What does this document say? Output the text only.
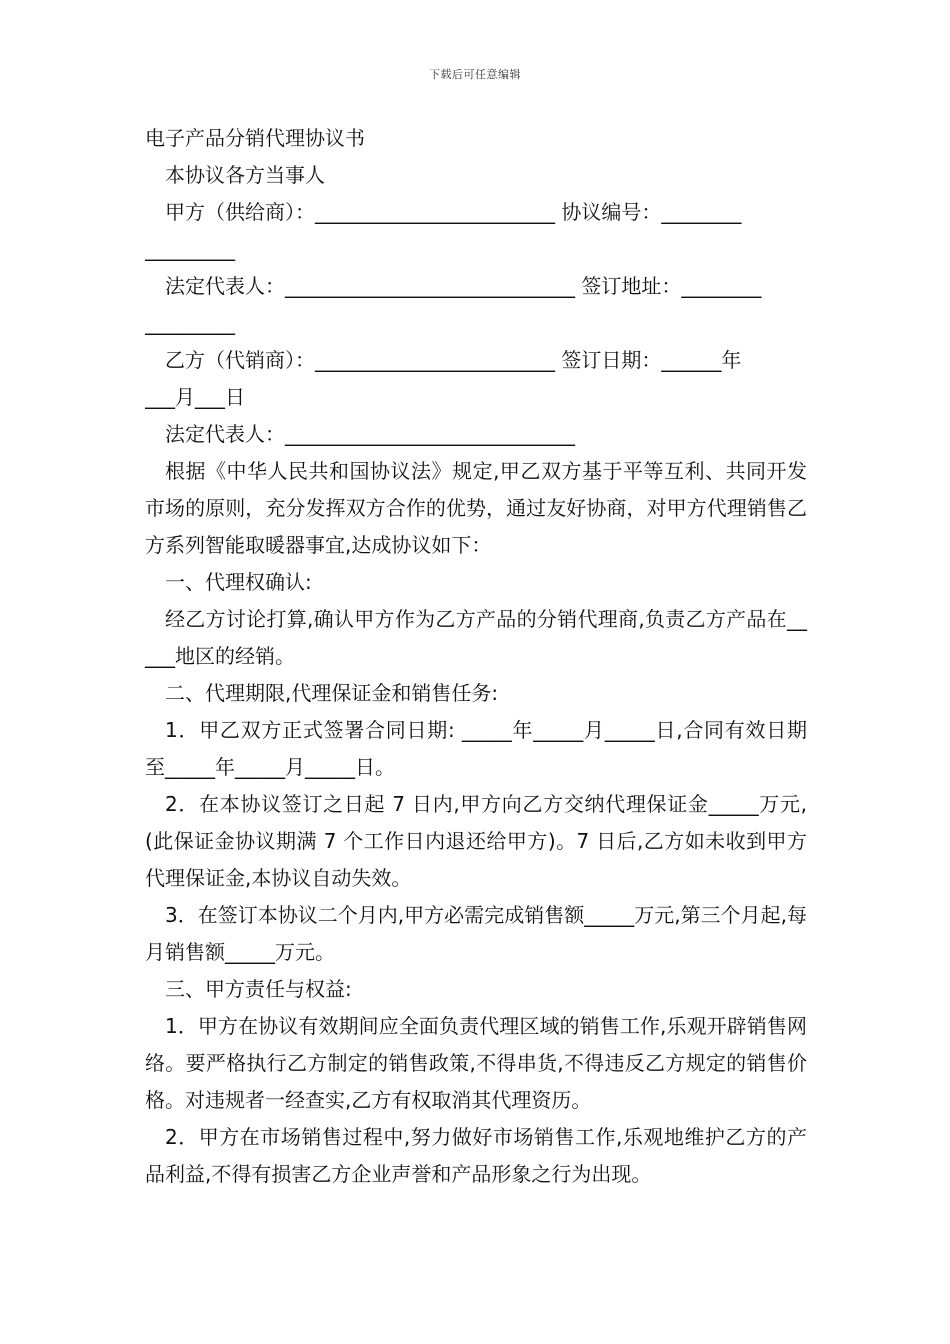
下载后可任意编辑
电子产品分销代理协议书
本协议各方当事人
甲方（供给商）：________________________ 协议编号：________
_________
法定代表人：_____________________________ 签订地址：________
_________
乙方（代销商）：________________________ 签订日期：______年
___月___日
法定代表人：_____________________________
根据《中华人民共和国协议法》规定,甲乙双方基于平等互利、共同开发市场的原则，充分发挥双方合作的优势，通过友好协商，对甲方代理销售乙方系列智能取暖器事宜,达成协议如下：
一、代理权确认:
经乙方讨论打算,确认甲方作为乙方产品的分销代理商,负责乙方产品在_____地区的经销。
二、代理期限,代理保证金和销售任务:
1．甲乙双方正式签署合同日期: _____年_____月_____日,合同有效日期至_____年_____月_____日。
2．在本协议签订之日起 7 日内,甲方向乙方交纳代理保证金_____万元,(此保证金协议期满 7 个工作日内退还给甲方)。7 日后,乙方如未收到甲方代理保证金,本协议自动失效。
3．在签订本协议二个月内,甲方必需完成销售额_____万元,第三个月起,每月销售额_____万元。
三、甲方责任与权益:
1．甲方在协议有效期间应全面负责代理区域的销售工作,乐观开辟销售网络。要严格执行乙方制定的销售政策,不得串货,不得违反乙方规定的销售价格。对违规者一经查实,乙方有权取消其代理资历。
2．甲方在市场销售过程中,努力做好市场销售工作,乐观地维护乙方的产品利益,不得有损害乙方企业声誉和产品形象之行为出现。
